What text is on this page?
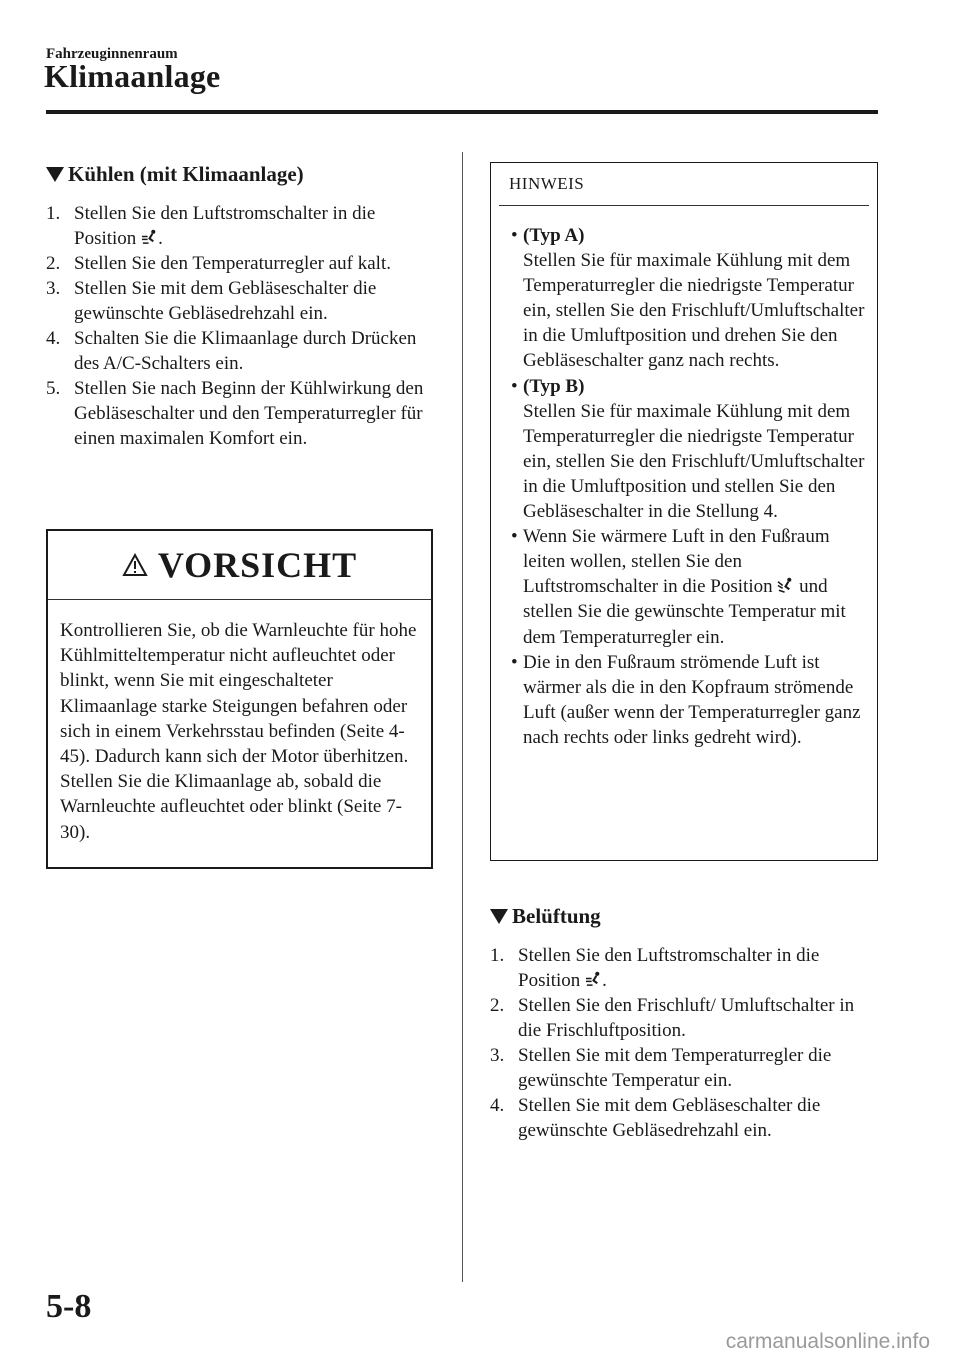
Fahrzeuginnenraum
Klimaanlage
Kühlen (mit Klimaanlage)
1. Stellen Sie den Luftstromschalter in die Position .
2. Stellen Sie den Temperaturregler auf kalt.
3. Stellen Sie mit dem Gebläseschalter die gewünschte Gebläsedrehzahl ein.
4. Schalten Sie die Klimaanlage durch Drücken des A/C-Schalters ein.
5. Stellen Sie nach Beginn der Kühlwirkung den Gebläseschalter und den Temperaturregler für einen maximalen Komfort ein.
VORSICHT
Kontrollieren Sie, ob die Warnleuchte für hohe Kühlmitteltemperatur nicht aufleuchtet oder blinkt, wenn Sie mit eingeschalteter Klimaanlage starke Steigungen befahren oder sich in einem Verkehrsstau befinden (Seite 4-45). Dadurch kann sich der Motor überhitzen. Stellen Sie die Klimaanlage ab, sobald die Warnleuchte aufleuchtet oder blinkt (Seite 7-30).
HINWEIS
• (Typ A)
Stellen Sie für maximale Kühlung mit dem Temperaturregler die niedrigste Temperatur ein, stellen Sie den Frischluft/Umluftschalter in die Umluftposition und drehen Sie den Gebläseschalter ganz nach rechts.
• (Typ B)
Stellen Sie für maximale Kühlung mit dem Temperaturregler die niedrigste Temperatur ein, stellen Sie den Frischluft/Umluftschalter in die Umluftposition und stellen Sie den Gebläseschalter in die Stellung 4.
• Wenn Sie wärmere Luft in den Fußraum leiten wollen, stellen Sie den Luftstromschalter in die Position  und stellen Sie die gewünschte Temperatur mit dem Temperaturregler ein.
• Die in den Fußraum strömende Luft ist wärmer als die in den Kopfraum strömende Luft (außer wenn der Temperaturregler ganz nach rechts oder links gedreht wird).
Belüftung
1. Stellen Sie den Luftstromschalter in die Position .
2. Stellen Sie den Frischluft/ Umluftschalter in die Frischluftposition.
3. Stellen Sie mit dem Temperaturregler die gewünschte Temperatur ein.
4. Stellen Sie mit dem Gebläseschalter die gewünschte Gebläsedrehzahl ein.
5-8
carmanualsonline.info
